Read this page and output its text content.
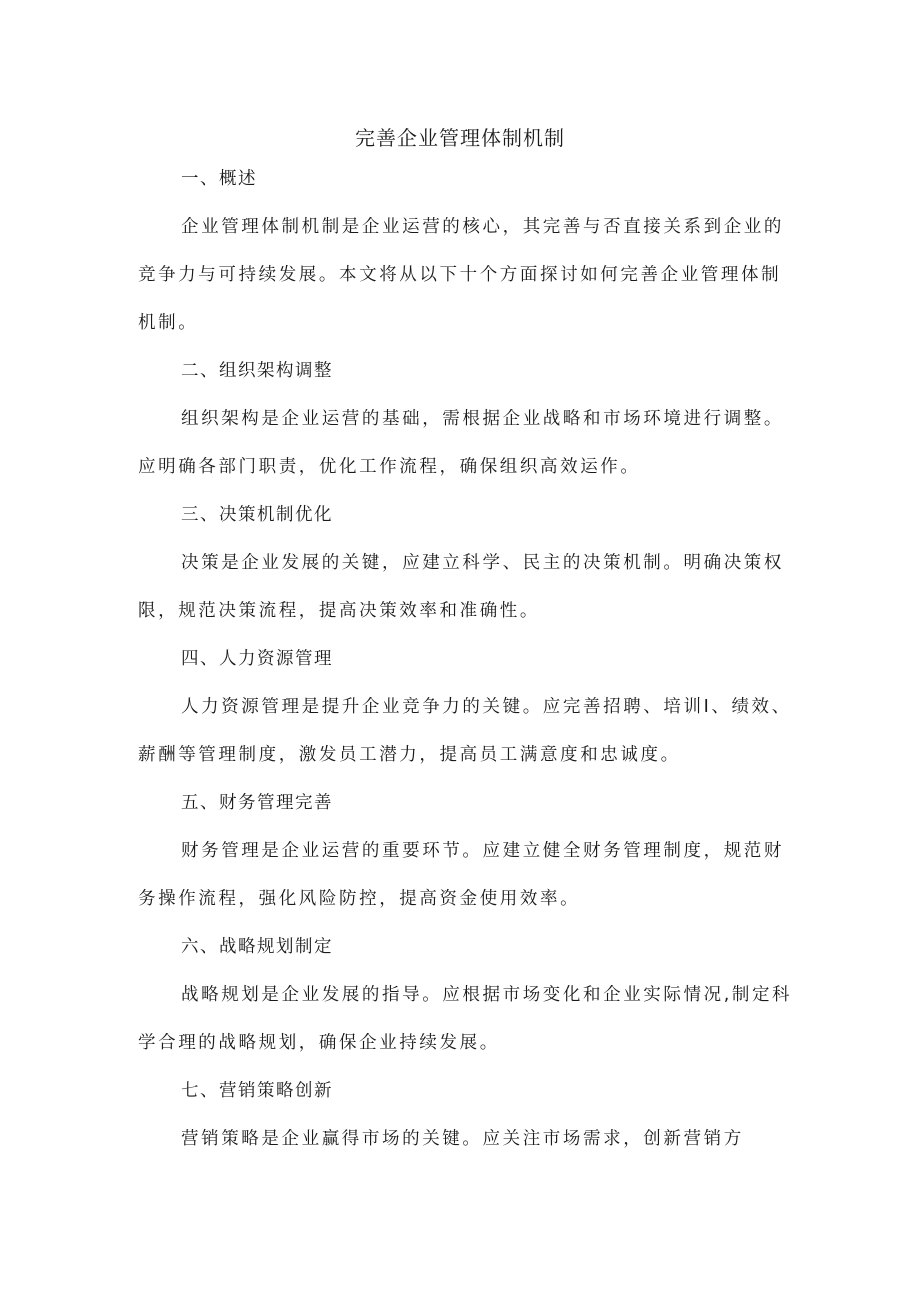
完善企业管理体制机制
一、概述
企业管理体制机制是企业运营的核心，其完善与否直接关系到企业的
竞争力与可持续发展。本文将从以下十个方面探讨如何完善企业管理体制
机制。
二、组织架构调整
组织架构是企业运营的基础，需根据企业战略和市场环境进行调整。
应明确各部门职责，优化工作流程，确保组织高效运作。
三、决策机制优化
决策是企业发展的关键，应建立科学、民主的决策机制。明确决策权
限，规范决策流程，提高决策效率和准确性。
四、人力资源管理
人力资源管理是提升企业竞争力的关键。应完善招聘、培训Ⅰ、绩效、
薪酬等管理制度，激发员工潜力，提高员工满意度和忠诚度。
五、财务管理完善
财务管理是企业运营的重要环节。应建立健全财务管理制度，规范财
务操作流程，强化风险防控，提高资金使用效率。
六、战略规划制定
战略规划是企业发展的指导。应根据市场变化和企业实际情况,制定科
学合理的战略规划，确保企业持续发展。
七、营销策略创新
营销策略是企业赢得市场的关键。应关注市场需求，创新营销方
